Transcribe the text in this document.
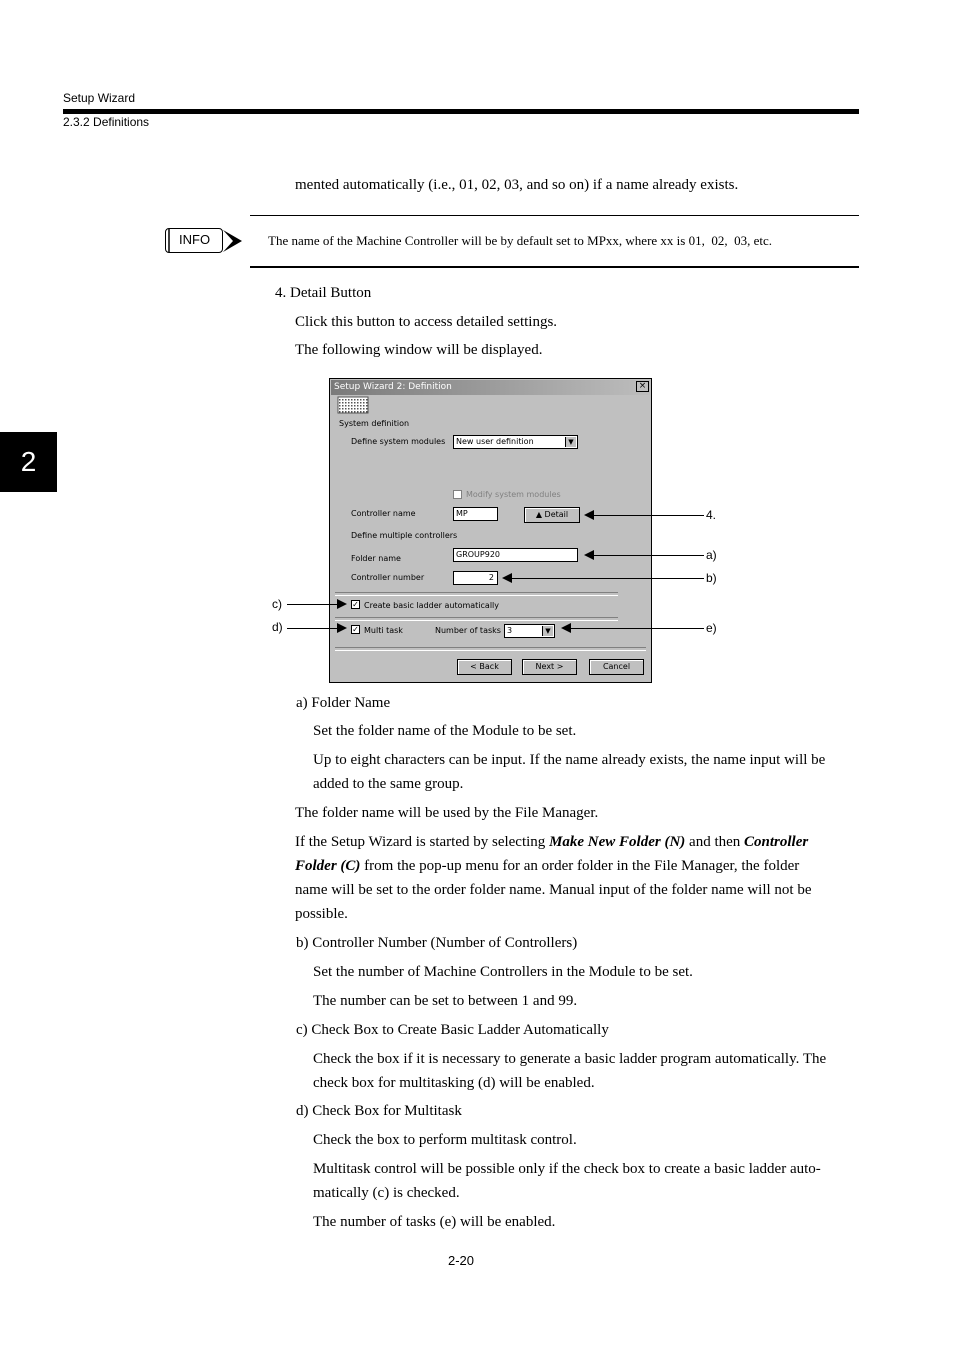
Setup Wizard
2.3.2 Definitions
2
mented automatically (i.e., 01, 02, 03, and so on) if a name already exists.
INFO	The name of the Machine Controller will be by default set to MPxx, where xx is 01,  02,  03, etc.
4. Detail Button
Click this button to access detailed settings.
The following window will be displayed.
Setup Wizard 2: Definition	×
System definition
Define system modules	New user definition	▼
Modify system modules
Controller name	MP	▲ Detail
Define multiple controllers
Folder name	GROUP920
Controller number	2
✓ Create basic ladder automatically
✓ Multi task	Number of tasks 3	▼
< Back	Next >	Cancel
4.
a)
b)
e)
c)
d)
a) Folder Name
Set the folder name of the Module to be set.
Up to eight characters can be input. If the name already exists, the name input will be
added to the same group.
The folder name will be used by the File Manager.
If the Setup Wizard is started by selecting Make New Folder (N) and then Controller
Folder (C) from the pop-up menu for an order folder in the File Manager, the folder
name will be set to the order folder name. Manual input of the folder name will not be
possible.
b) Controller Number (Number of Controllers)
Set the number of Machine Controllers in the Module to be set.
The number can be set to between 1 and 99.
c) Check Box to Create Basic Ladder Automatically
Check the box if it is necessary to generate a basic ladder program automatically. The
check box for multitasking (d) will be enabled.
d) Check Box for Multitask
Check the box to perform multitask control.
Multitask control will be possible only if the check box to create a basic ladder auto-
matically (c) is checked.
The number of tasks (e) will be enabled.
2-20
